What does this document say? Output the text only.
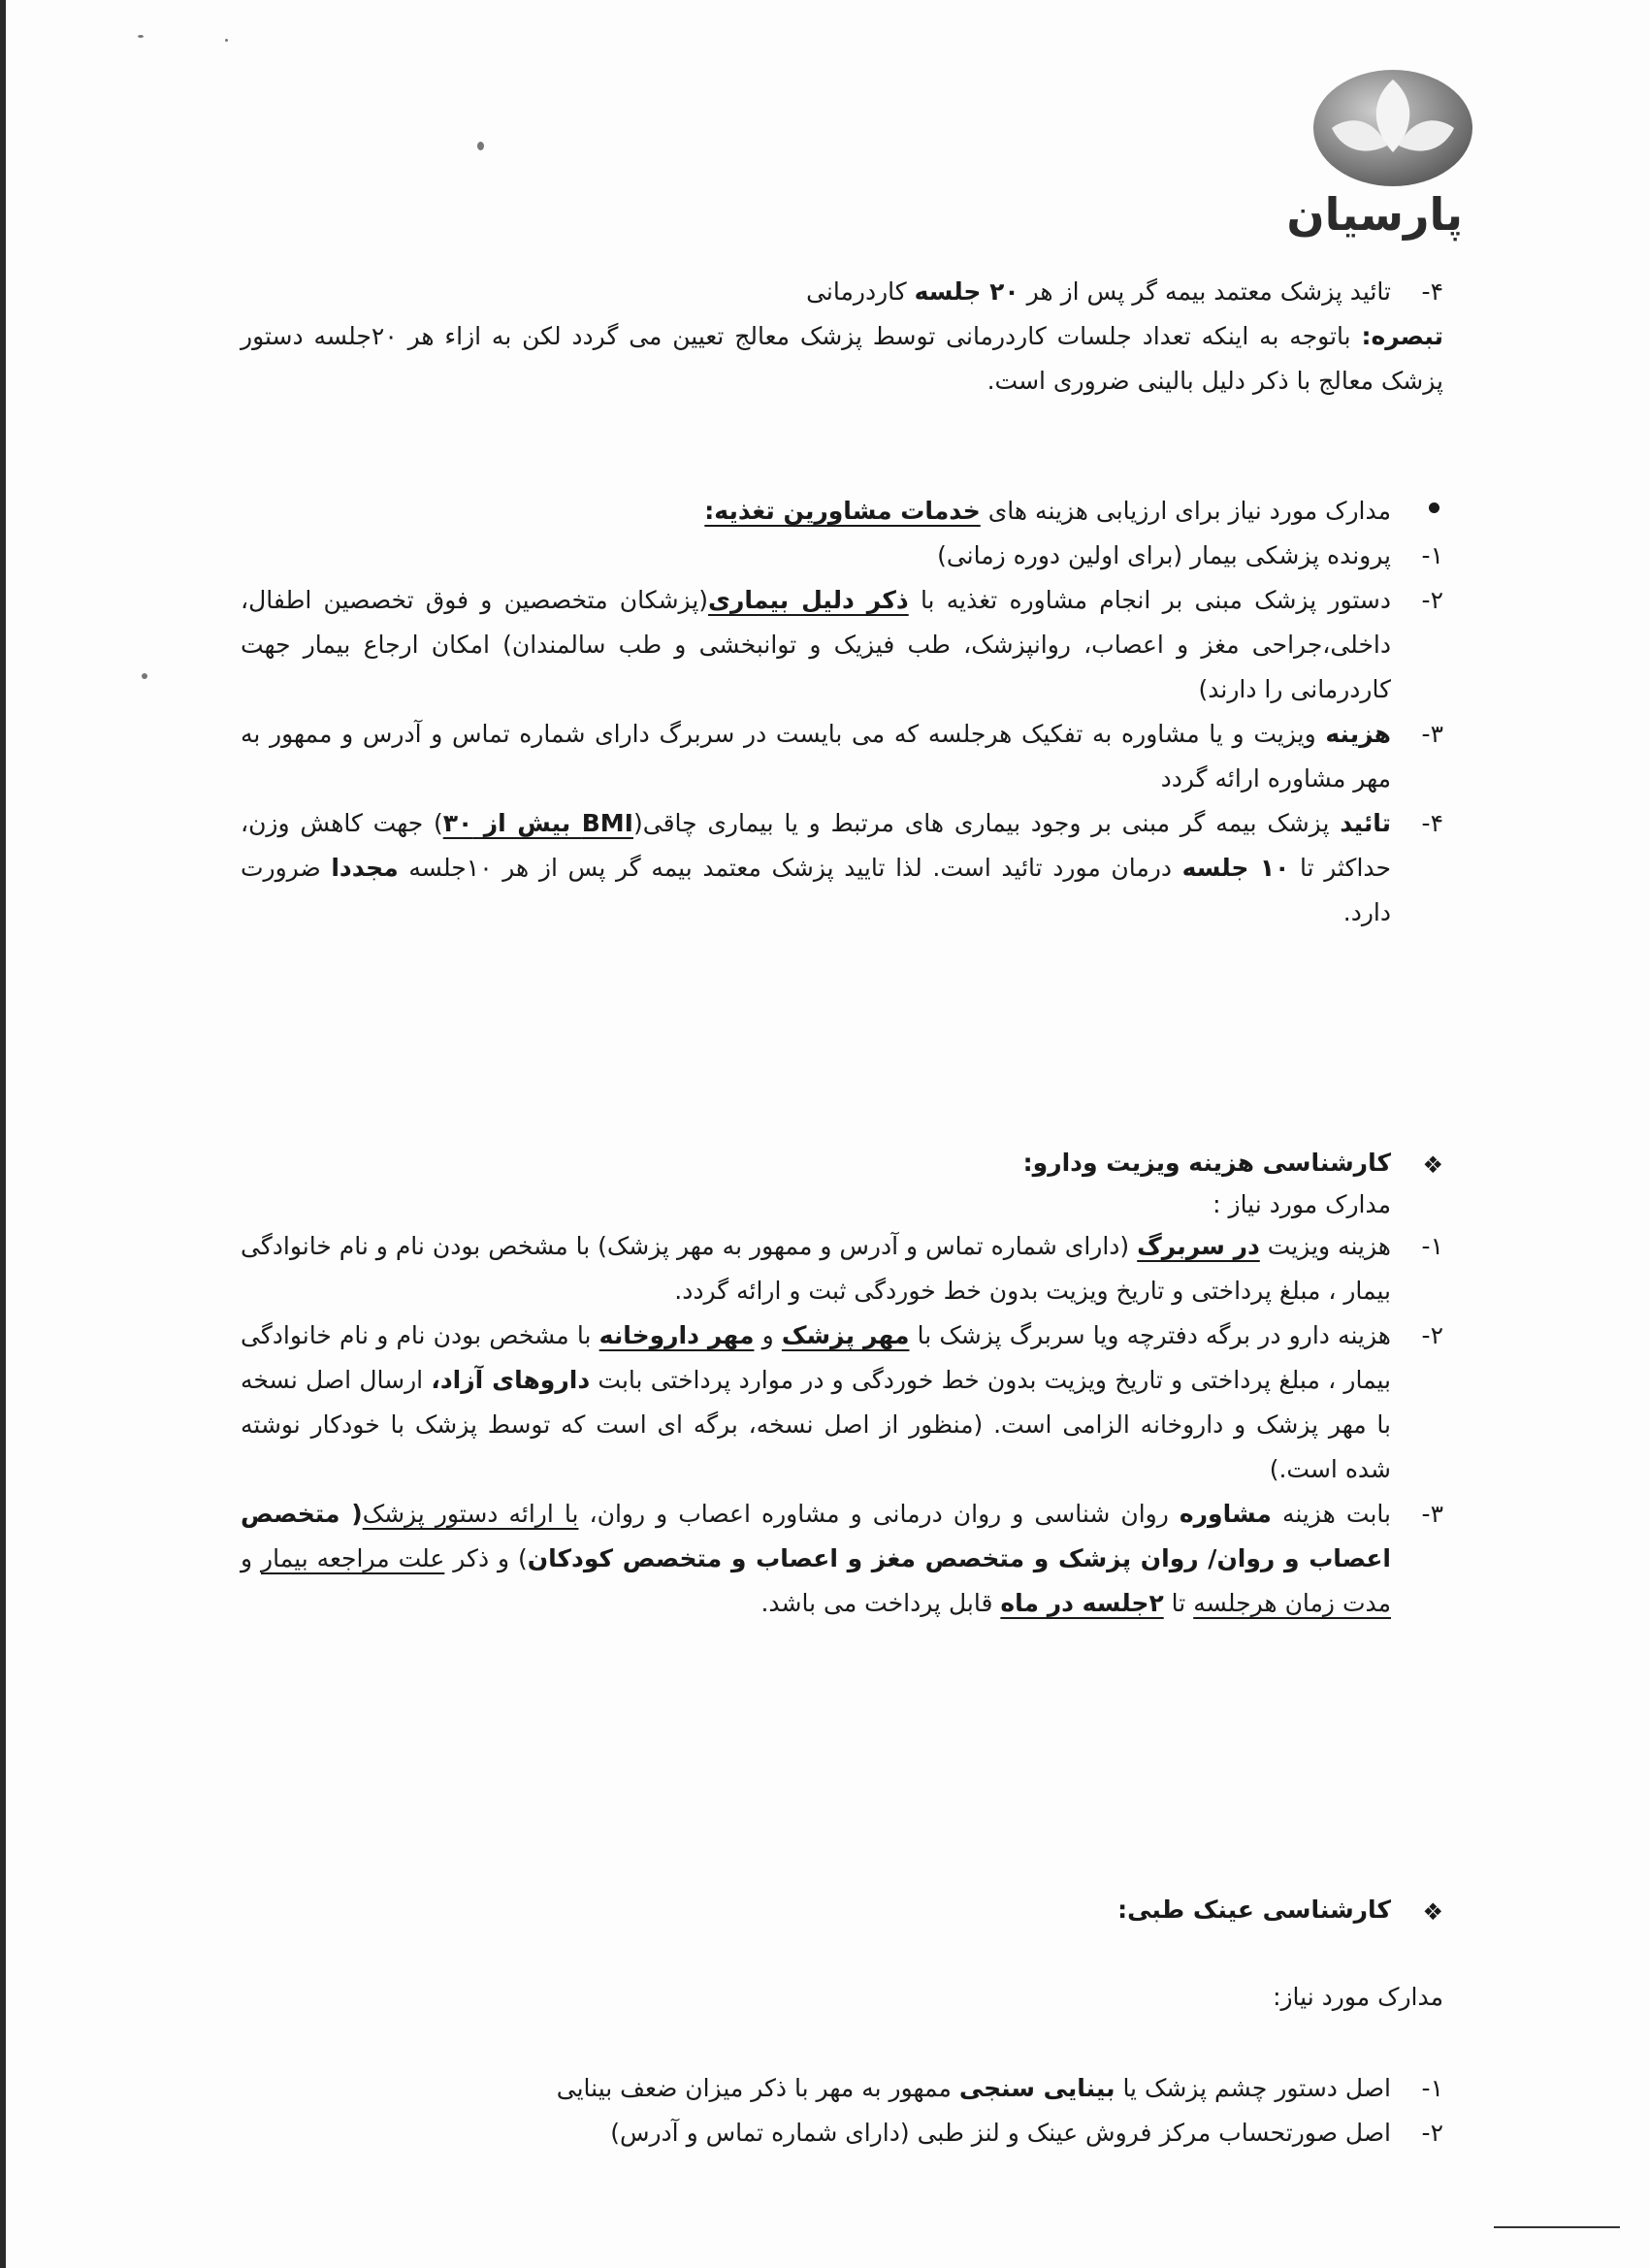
پارسیان
۴-
تائید پزشک معتمد بیمه گر پس از هر ۲۰ جلسه کاردرمانی
تبصره: باتوجه به اینکه تعداد جلسات کاردرمانی توسط پزشک معالج تعیین می گردد لکن به ازاء هر ۲۰جلسه دستور پزشک معالج با ذکر دلیل بالینی ضروری است.
مدارک مورد نیاز برای ارزیابی هزینه های خدمات مشاورین تغذیه:
۱-
پرونده پزشکی بیمار (برای اولین دوره زمانی)
۲-
دستور پزشک مبنی بر انجام مشاوره تغذیه با ذکر دلیل بیماری(پزشکان متخصصین و فوق تخصصین اطفال، داخلی،جراحی مغز و اعصاب، روانپزشک، طب فیزیک و توانبخشی و طب سالمندان) امکان ارجاع بیمار جهت کاردرمانی را دارند)
۳-
هزینه ویزیت و یا مشاوره به تفکیک هرجلسه که می بایست در سربرگ دارای شماره تماس و آدرس و ممهور به مهر مشاوره ارائه گردد
۴-
تائید پزشک بیمه گر مبنی بر وجود بیماری های مرتبط و یا بیماری چاقی(BMI بیش از ۳۰) جهت کاهش وزن، حداکثر تا ۱۰ جلسه درمان مورد تائید است. لذا تایید پزشک معتمد بیمه گر پس از هر ۱۰جلسه مجددا ضرورت دارد.
❖
کارشناسی هزینه ویزیت ودارو:
مدارک مورد نیاز :
۱-
هزینه ویزیت در سربرگ (دارای شماره تماس و آدرس و ممهور به مهر پزشک) با مشخص بودن نام و نام خانوادگی بیمار ، مبلغ پرداختی و تاریخ ویزیت بدون خط خوردگی ثبت و ارائه گردد.
۲-
هزینه دارو در برگه دفترچه ویا سربرگ پزشک با مهر پزشک و مهر داروخانه با مشخص بودن نام و نام خانوادگی بیمار ، مبلغ پرداختی و تاریخ ویزیت بدون خط خوردگی و در موارد پرداختی بابت داروهای آزاد، ارسال اصل نسخه با مهر پزشک و داروخانه الزامی است. (منظور از اصل نسخه، برگه ای است که توسط پزشک با خودکار نوشته شده است.)
۳-
بابت هزینه مشاوره روان شناسی و روان درمانی و مشاوره اعصاب و روان، با ارائه دستور پزشک( متخصص اعصاب و روان/ روان پزشک و متخصص مغز و اعصاب و متخصص کودکان) و ذکر علت مراجعه بیمار و مدت زمان هرجلسه تا ۲جلسه در ماه قابل پرداخت می باشد.
❖
کارشناسی عینک طبی:
مدارک مورد نیاز:
۱-
اصل دستور چشم پزشک یا بینایی سنجی ممهور به مهر با ذکر میزان ضعف بینایی
۲-
اصل صورتحساب مرکز فروش عینک و لنز طبی (دارای شماره تماس و آدرس)
